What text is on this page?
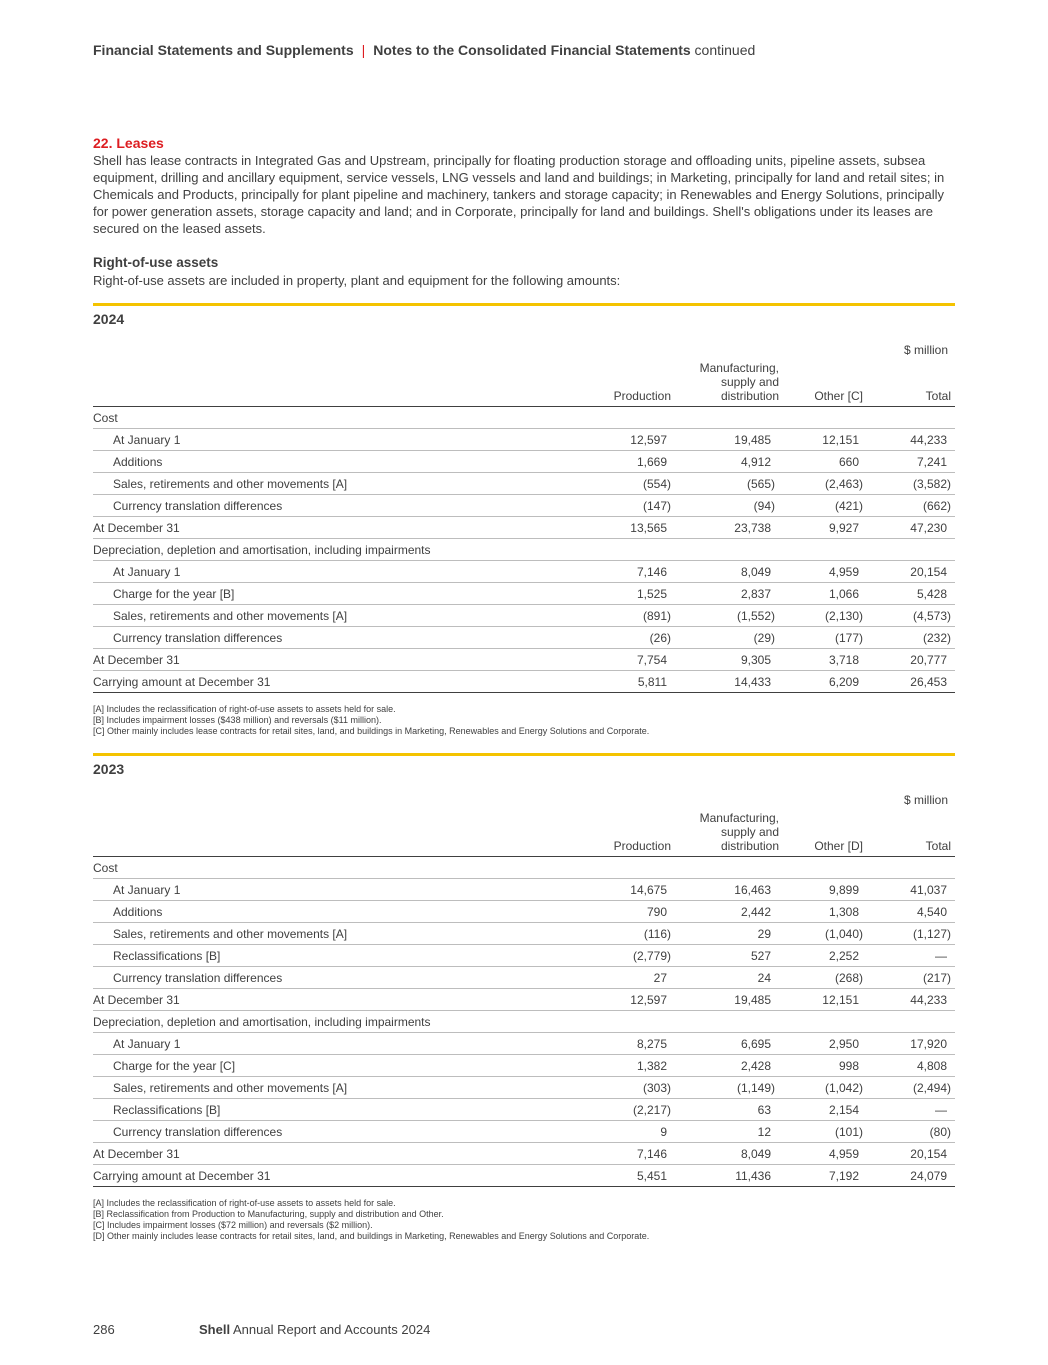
Financial Statements and Supplements | Notes to the Consolidated Financial Statements continued
22. Leases

Shell has lease contracts in Integrated Gas and Upstream, principally for floating production storage and offloading units, pipeline assets, subsea equipment, drilling and ancillary equipment, service vessels, LNG vessels and land and buildings; in Marketing, principally for land and retail sites; in Chemicals and Products, principally for plant pipeline and machinery, tankers and storage capacity; in Renewables and Energy Solutions, principally for power generation assets, storage capacity and land; and in Corporate, principally for land and buildings. Shell's obligations under its leases are secured on the leased assets.

Right-of-use assets

Right-of-use assets are included in property, plant and equipment for the following amounts:

2024
$ million
	Production	Manufacturing, supply and distribution	Other [C]	Total
Cost				
At January 1	12,597	19,485	12,151	44,233
Additions	1,669	4,912	660	7,241
Sales, retirements and other movements [A]	(554)	(565)	(2,463)	(3,582)
Currency translation differences	(147)	(94)	(421)	(662)
At December 31	13,565	23,738	9,927	47,230
Depreciation, depletion and amortisation, including impairments				
At January 1	7,146	8,049	4,959	20,154
Charge for the year [B]	1,525	2,837	1,066	5,428
Sales, retirements and other movements [A]	(891)	(1,552)	(2,130)	(4,573)
Currency translation differences	(26)	(29)	(177)	(232)
At December 31	7,754	9,305	3,718	20,777
Carrying amount at December 31	5,811	14,433	6,209	26,453
[A] Includes the reclassification of right-of-use assets to assets held for sale.
[B] Includes impairment losses ($438 million) and reversals ($11 million).
[C] Other mainly includes lease contracts for retail sites, land, and buildings in Marketing, Renewables and Energy Solutions and Corporate.
2023
$ million
	Production	Manufacturing, supply and distribution	Other [D]	Total
Cost				
At January 1	14,675	16,463	9,899	41,037
Additions	790	2,442	1,308	4,540
Sales, retirements and other movements [A]	(116)	29	(1,040)	(1,127)
Reclassifications [B]	(2,779)	527	2,252	—
Currency translation differences	27	24	(268)	(217)
At December 31	12,597	19,485	12,151	44,233
Depreciation, depletion and amortisation, including impairments				
At January 1	8,275	6,695	2,950	17,920
Charge for the year [C]	1,382	2,428	998	4,808
Sales, retirements and other movements [A]	(303)	(1,149)	(1,042)	(2,494)
Reclassifications [B]	(2,217)	63	2,154	—
Currency translation differences	9	12	(101)	(80)
At December 31	7,146	8,049	4,959	20,154
Carrying amount at December 31	5,451	11,436	7,192	24,079
[A] Includes the reclassification of right-of-use assets to assets held for sale.
[B] Reclassification from Production to Manufacturing, supply and distribution and Other.
[C] Includes impairment losses ($72 million) and reversals ($2 million).
[D] Other mainly includes lease contracts for retail sites, land, and buildings in Marketing, Renewables and Energy Solutions and Corporate.
286	Shell Annual Report and Accounts 2024
